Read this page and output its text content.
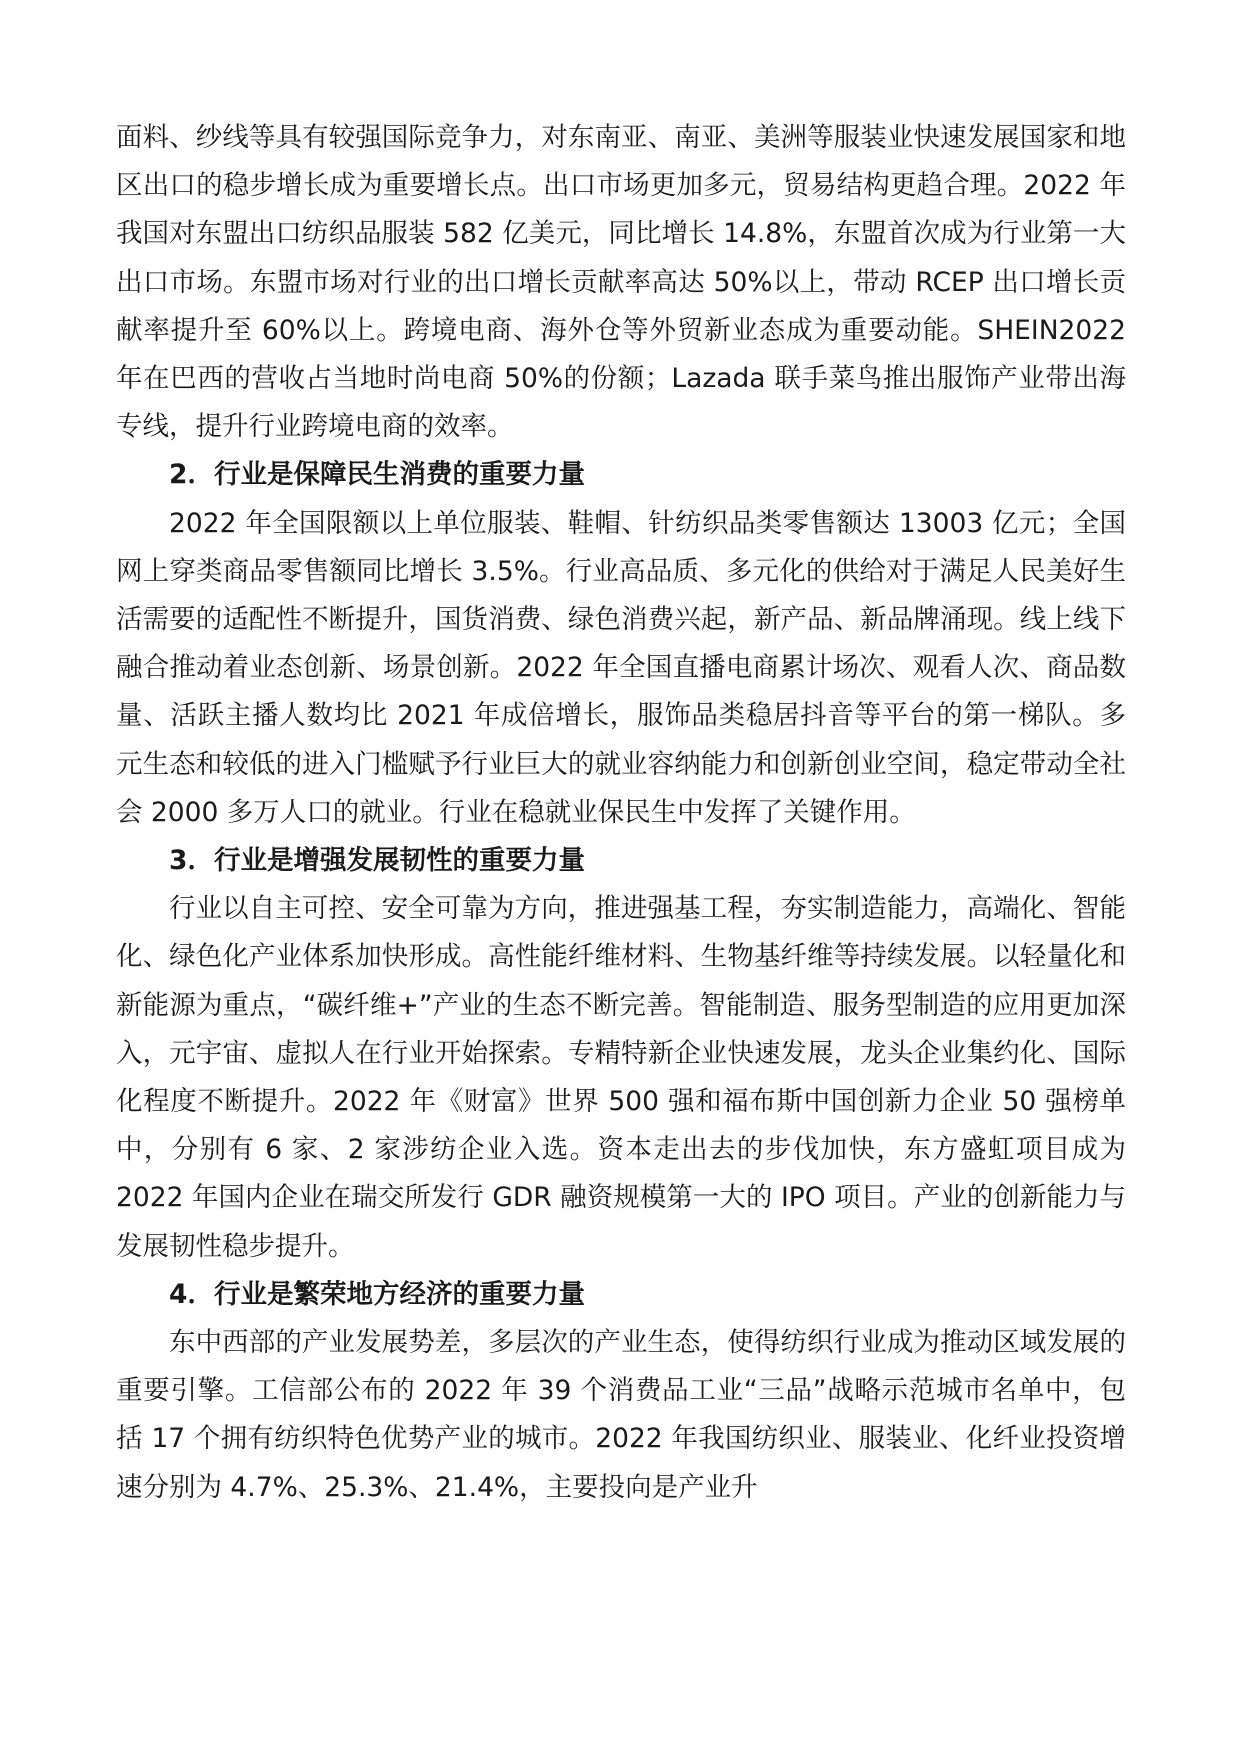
面料、纱线等具有较强国际竞争力，对东南亚、南亚、美洲等服装业快速发展国家和地区出口的稳步增长成为重要增长点。出口市场更加多元，贸易结构更趋合理。2022 年我国对东盟出口纺织品服装 582 亿美元，同比增长 14.8%，东盟首次成为行业第一大出口市场。东盟市场对行业的出口增长贡献率高达 50%以上，带动 RCEP 出口增长贡献率提升至 60%以上。跨境电商、海外仓等外贸新业态成为重要动能。SHEIN2022 年在巴西的营收占当地时尚电商 50%的份额；Lazada 联手菜鸟推出服饰产业带出海专线，提升行业跨境电商的效率。

2．行业是保障民生消费的重要力量

2022 年全国限额以上单位服装、鞋帽、针纺织品类零售额达 13003 亿元；全国网上穿类商品零售额同比增长 3.5%。行业高品质、多元化的供给对于满足人民美好生活需要的适配性不断提升，国货消费、绿色消费兴起，新产品、新品牌涌现。线上线下融合推动着业态创新、场景创新。2022 年全国直播电商累计场次、观看人次、商品数量、活跃主播人数均比 2021 年成倍增长，服饰品类稳居抖音等平台的第一梯队。多元生态和较低的进入门槛赋予行业巨大的就业容纳能力和创新创业空间，稳定带动全社会 2000 多万人口的就业。行业在稳就业保民生中发挥了关键作用。

3．行业是增强发展韧性的重要力量

行业以自主可控、安全可靠为方向，推进强基工程，夯实制造能力，高端化、智能化、绿色化产业体系加快形成。高性能纤维材料、生物基纤维等持续发展。以轻量化和新能源为重点，“碳纤维+”产业的生态不断完善。智能制造、服务型制造的应用更加深入，元宇宙、虚拟人在行业开始探索。专精特新企业快速发展，龙头企业集约化、国际化程度不断提升。2022 年《财富》世界 500 强和福布斯中国创新力企业 50 强榜单中，分别有 6 家、2 家涉纺企业入选。资本走出去的步伐加快，东方盛虹项目成为 2022 年国内企业在瑞交所发行 GDR 融资规模第一大的 IPO 项目。产业的创新能力与发展韧性稳步提升。

4．行业是繁荣地方经济的重要力量

东中西部的产业发展势差，多层次的产业生态，使得纺织行业成为推动区域发展的重要引擎。工信部公布的 2022 年 39 个消费品工业“三品”战略示范城市名单中，包括 17 个拥有纺织特色优势产业的城市。2022 年我国纺织业、服装业、化纤业投资增速分别为 4.7%、25.3%、21.4%，主要投向是产业升
